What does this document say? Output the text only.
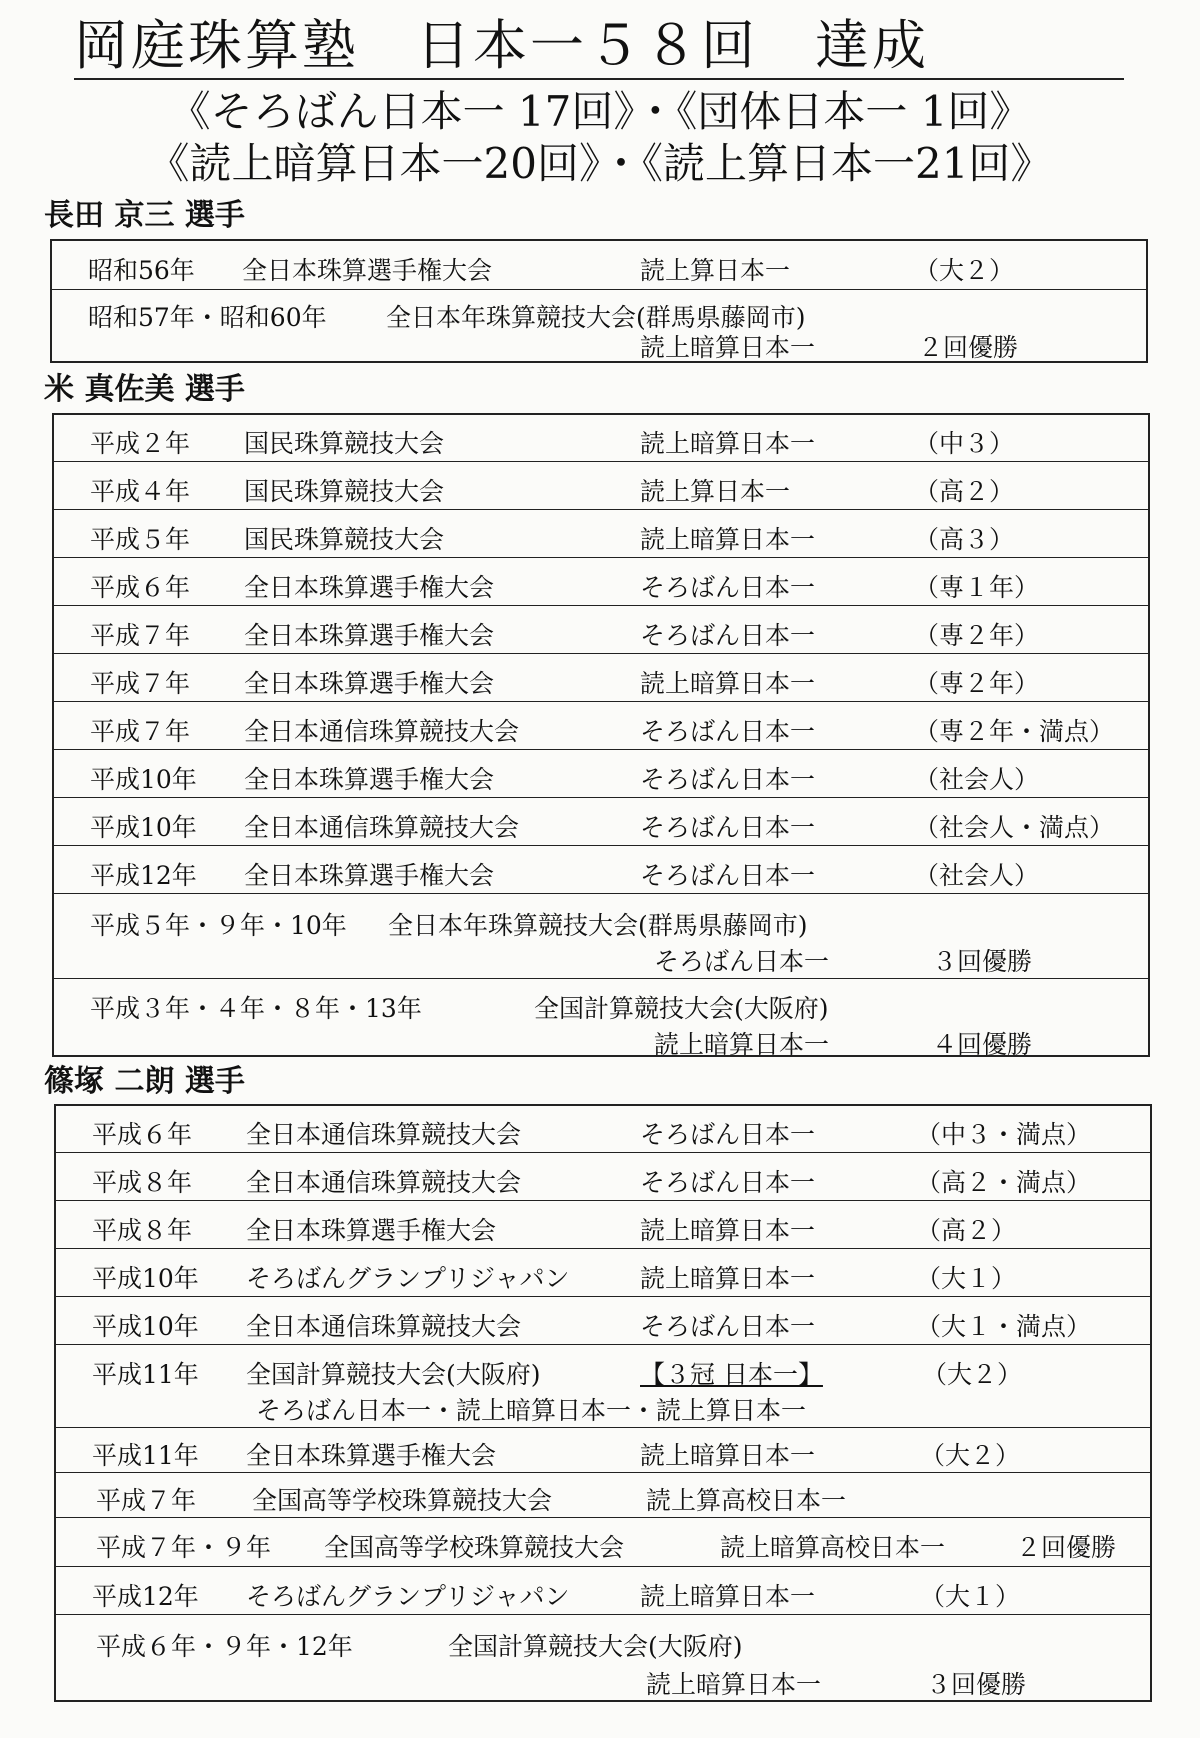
岡庭珠算塾　日本一５８回　達成
《そろばん日本一 17回》・《団体日本一 1回》
《読上暗算日本一20回》・《読上算日本一21回》
長田 京三 選手
米 真佐美 選手
篠塚 二朗 選手
昭和56年 全日本珠算選手権大会	読上算日本一	（大２）
昭和57年・昭和60年 全日本年珠算競技大会(群馬県藤岡市)
読上暗算日本一	２回優勝
平成２年 国民珠算競技大会	読上暗算日本一	（中３）
平成４年 国民珠算競技大会	読上算日本一	（高２）
平成５年 国民珠算競技大会	読上暗算日本一	（高３）
平成６年 全日本珠算選手権大会	そろばん日本一	（専１年）
平成７年 全日本珠算選手権大会	そろばん日本一	（専２年）
平成７年 全日本珠算選手権大会	読上暗算日本一	（専２年）
平成７年 全日本通信珠算競技大会	そろばん日本一	（専２年・満点）
平成10年 全日本珠算選手権大会	そろばん日本一	（社会人）
平成10年 全日本通信珠算競技大会	そろばん日本一	（社会人・満点）
平成12年 全日本珠算選手権大会	そろばん日本一	（社会人）
平成５年・９年・10年 全日本年珠算競技大会(群馬県藤岡市)
そろばん日本一	３回優勝
平成３年・４年・８年・13年	全国計算競技大会(大阪府)
読上暗算日本一	４回優勝
平成６年 全日本通信珠算競技大会	そろばん日本一	（中３・満点）
平成８年 全日本通信珠算競技大会	そろばん日本一	（高２・満点）
平成８年 全日本珠算選手権大会	読上暗算日本一	（高２）
平成10年 そろばんグランプリジャパン	読上暗算日本一	（大１）
平成10年 全日本通信珠算競技大会	そろばん日本一	（大１・満点）
平成11年 全国計算競技大会(大阪府)	【３冠 日本一】	（大２）
そろばん日本一・読上暗算日本一・読上算日本一
平成11年 全日本珠算選手権大会	読上暗算日本一	（大２）
平成７年 全国高等学校珠算競技大会	読上算高校日本一
平成７年・９年 全国高等学校珠算競技大会	読上暗算高校日本一	２回優勝
平成12年 そろばんグランプリジャパン	読上暗算日本一	（大１）
平成６年・９年・12年	全国計算競技大会(大阪府)
読上暗算日本一	３回優勝
